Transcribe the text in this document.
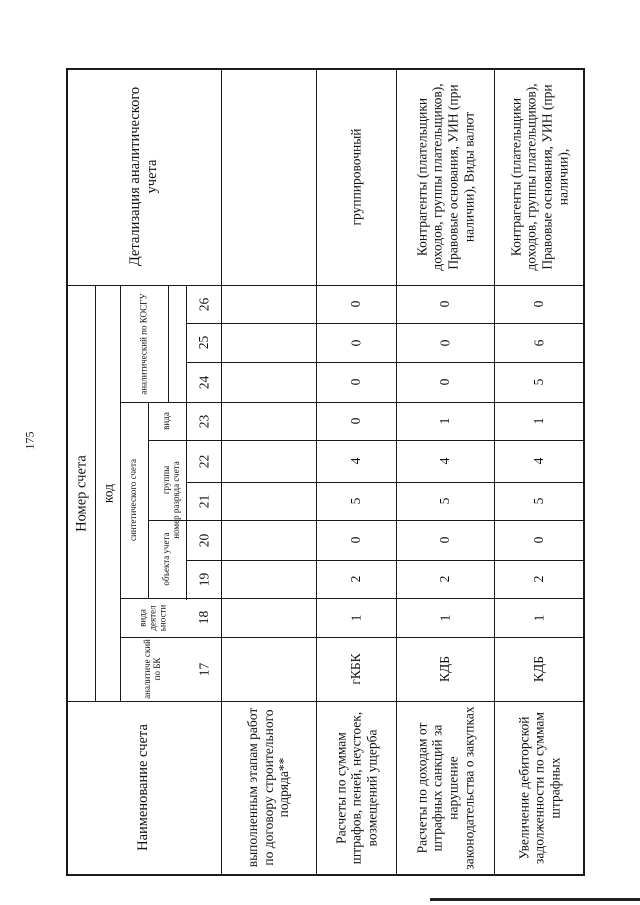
175
Наименование счета
Номер счета код
аналитиче ский по БК
вида деятел ьности
синтетического счета
объекта учета
группы
вида
аналитический по КОСГУ
номер разряда счета
Детализация аналитического учета
17
18
19
20
21
22
23
24
25
26
выполненным этапам работ по договору строительного подряда**	Расчеты по суммам штрафов, пеней, неустоек, возмещений ущерба
гКБК
1
2
0
5
4
0
0
0
0
группировочный
Расчеты по доходам от штрафных санкций за нарушение законодательства о закупках
КДБ
1
2
0
5
4
1
0
0
0
Контрагенты (плательщики доходов, группы плательщиков), Правовые основания, УИН (при наличии), Виды валют
Увеличение дебиторской задолженности по суммам штрафных
КДБ
1
2
0
5
4
1
5
6
0
Контрагенты (плательщики доходов, группы плательщиков), Правовые основания, УИН (при наличии),
